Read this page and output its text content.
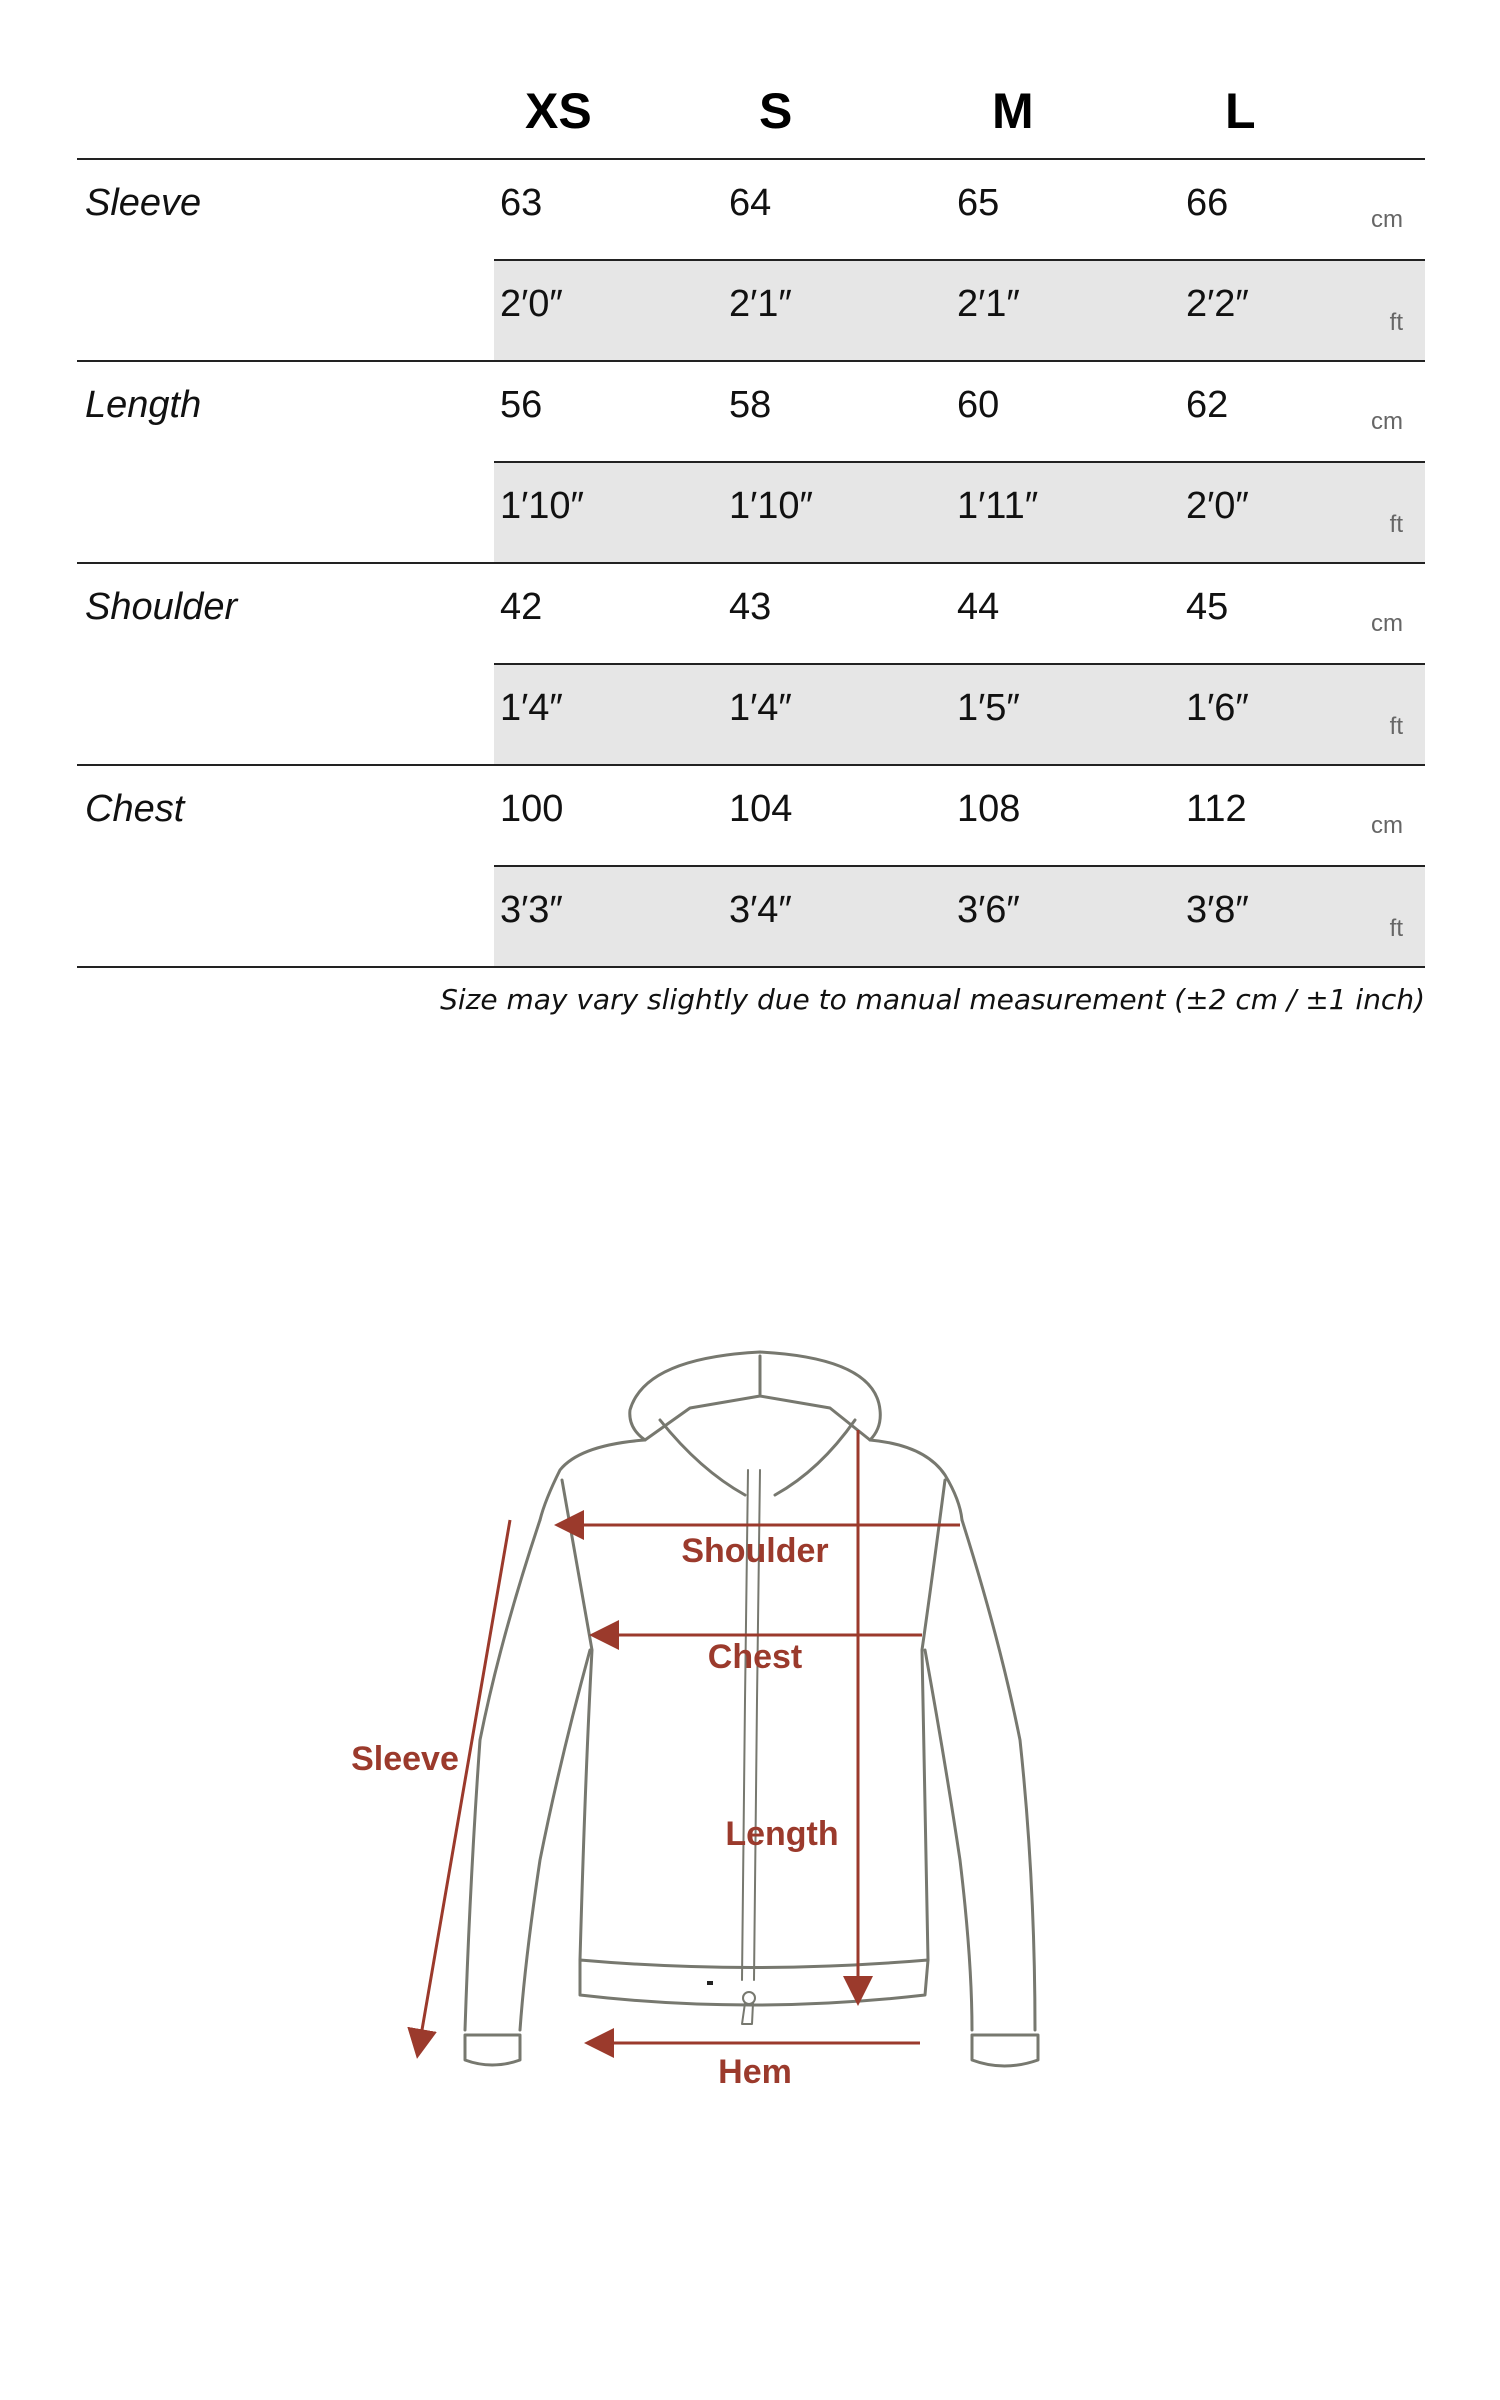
XS	S	M	L
Sleeve	63	64	65	66	cm
2′0″	2′1″	2′1″	2′2″	ft
Length	56	58	60	62	cm
1′10″	1′10″	1′11″	2′0″	ft
Shoulder	42	43	44	45	cm
1′4″	1′4″	1′5″	1′6″	ft
Chest	100	104	108	112	cm
3′3″	3′4″	3′6″	3′8″	ft
Size may vary slightly due to manual measurement (±2 cm / ±1 inch)
Shoulder
Chest
Length
Sleeve
Hem
